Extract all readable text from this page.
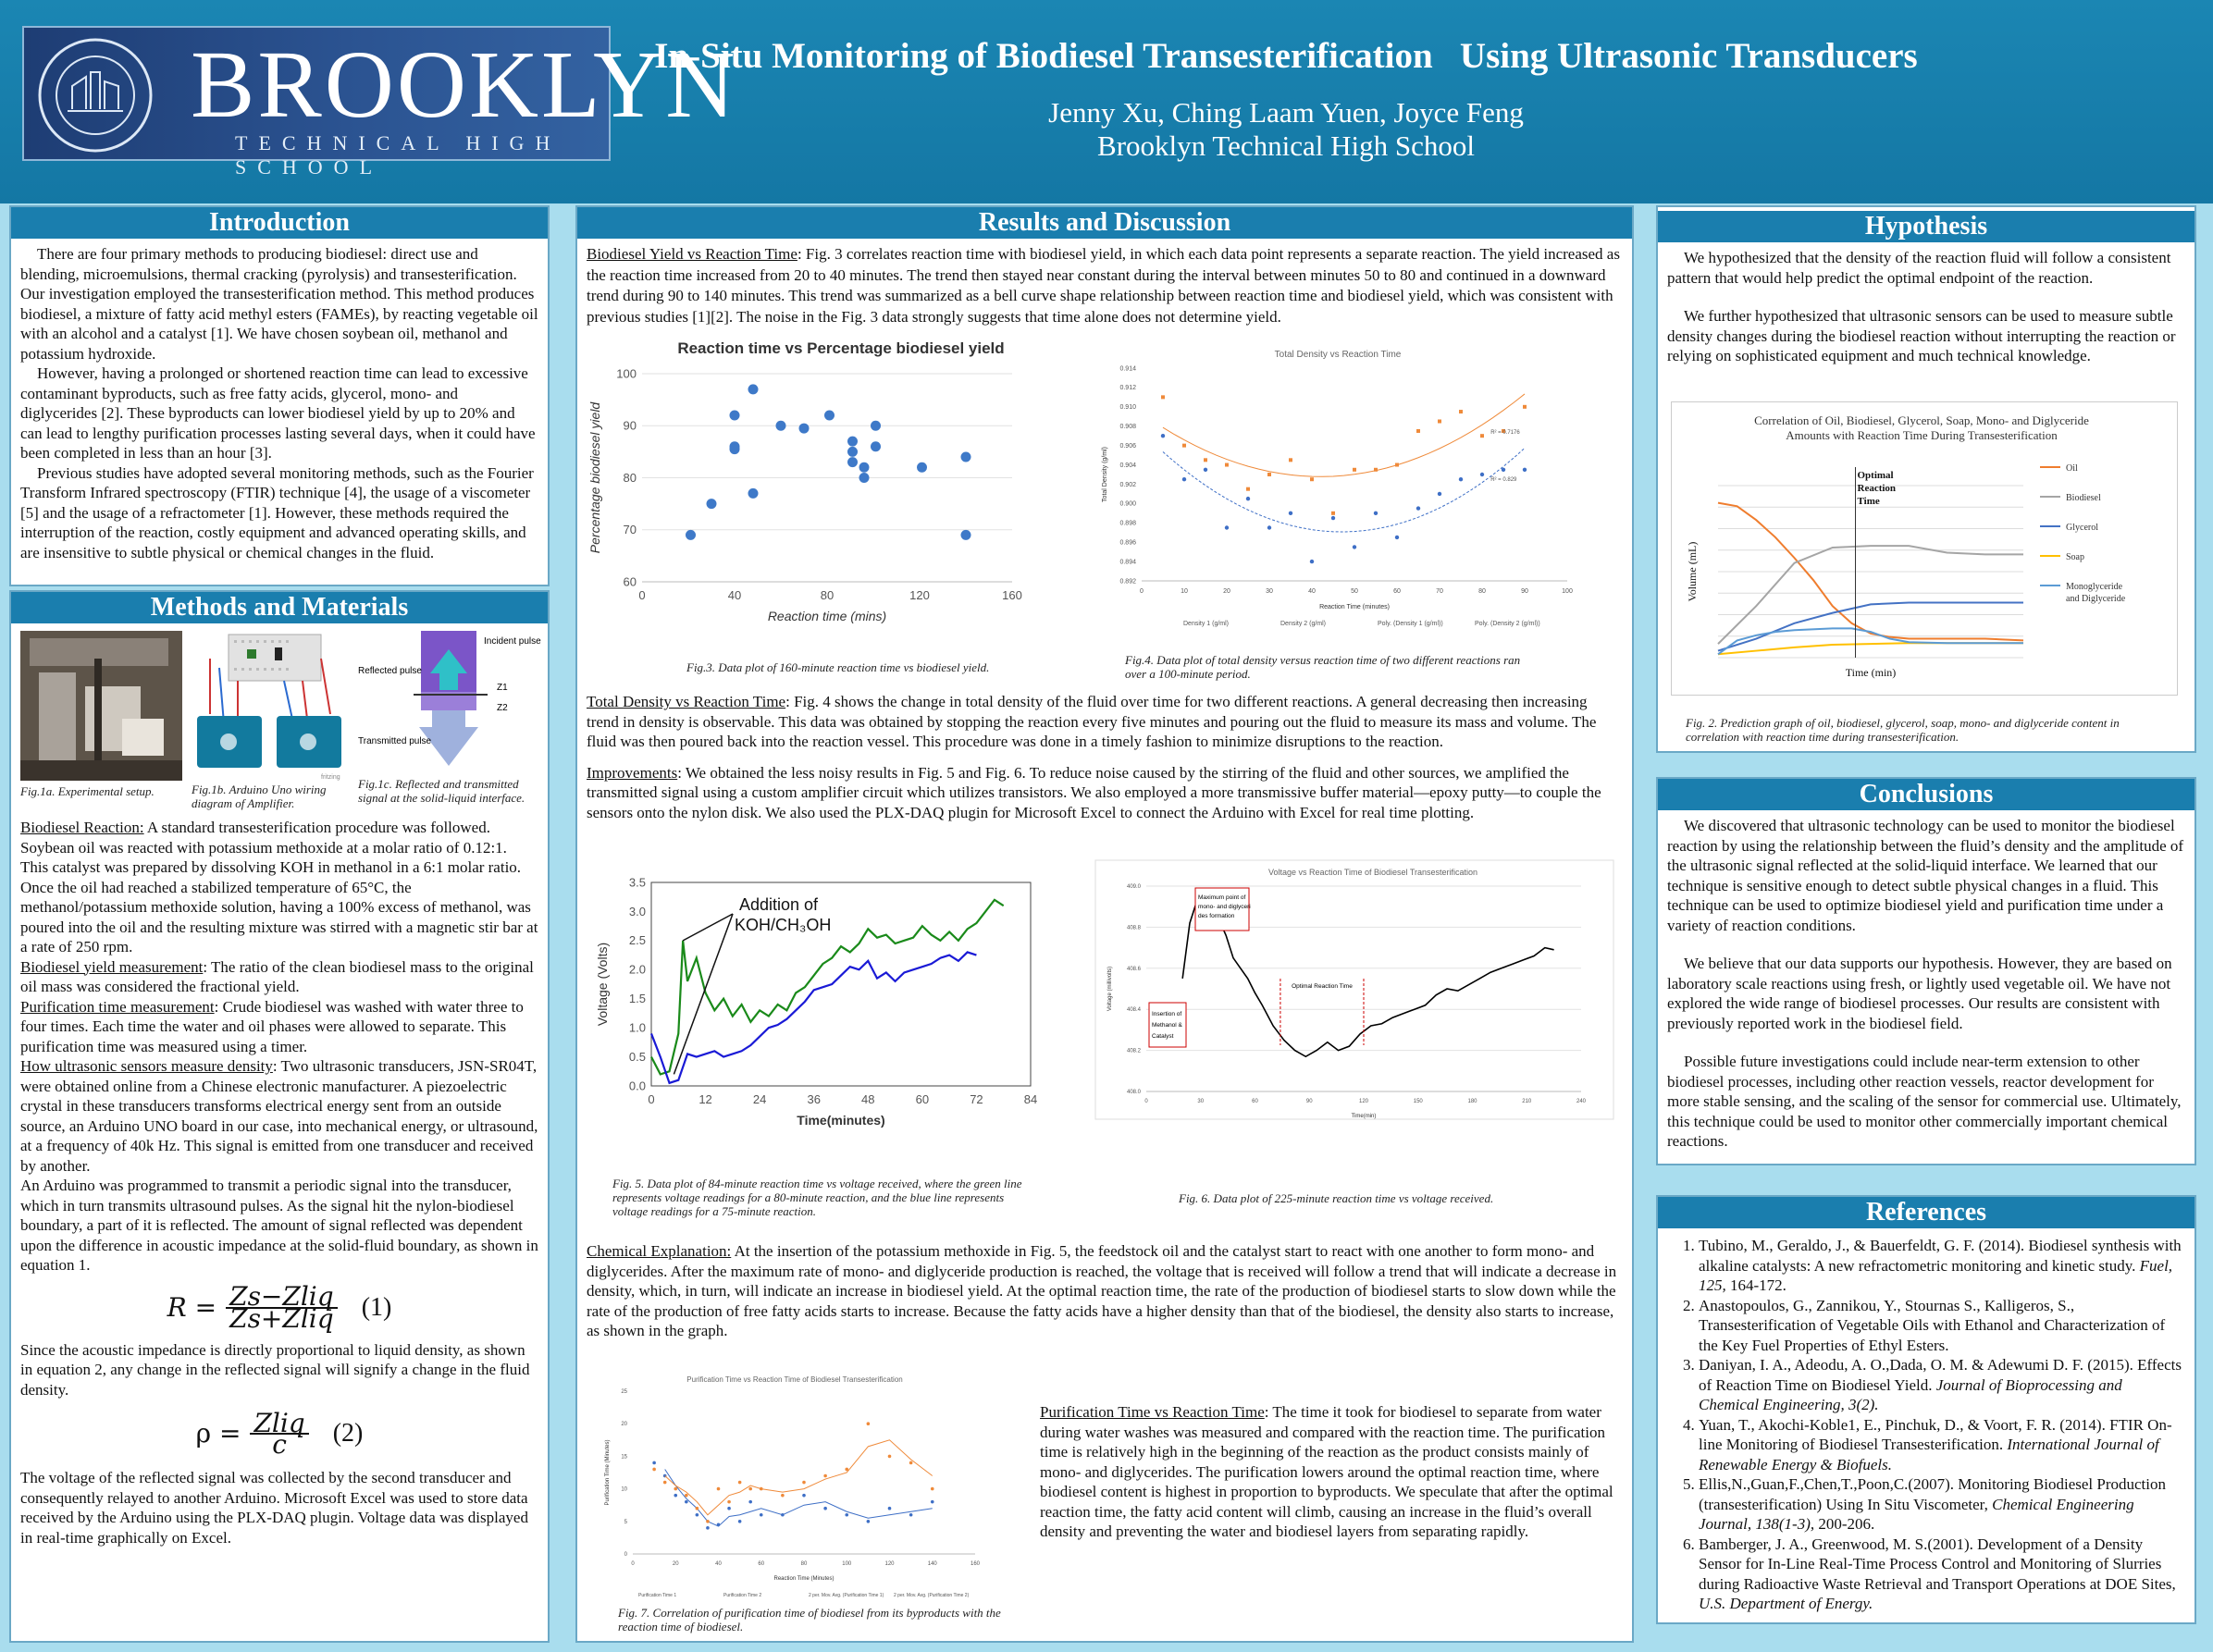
BROOKLYN
TECHNICAL HIGH SCHOOL
In-Situ Monitoring of Biodiesel Transesterification   Using Ultrasonic Transducers
Jenny Xu, Ching Laam Yuen, Joyce Feng
Brooklyn Technical High School
Introduction

There are four primary methods to producing biodiesel: direct use and blending, microemulsions, thermal cracking (pyrolysis) and transesterification. Our investigation employed the transesterification method. This method produces biodiesel, a mixture of fatty acid methyl esters (FAMEs), by reacting vegetable oil with an alcohol and a catalyst [1]. We have chosen soybean oil, methanol and potassium hydroxide.

However, having a prolonged or shortened reaction time can lead to excessive contaminant byproducts, such as free fatty acids, glycerol, mono- and diglycerides [2]. These byproducts can lower biodiesel yield by up to 20% and can lead to lengthy purification processes lasting several days, when it could have been completed in less than an hour [3].

Previous studies have adopted several monitoring methods, such as the Fourier Transform Infrared spectroscopy (FTIR) technique [4], the usage of a viscometer [5] and the usage of a refractometer [1]. However, these methods required the interruption of the reaction, costly equipment and advanced operating skills, and are insensitive to subtle physical or chemical changes in the fluid.

Methods and Materials
Fig.1a. Experimental setup.
fritzing
Fig.1b. Arduino Uno wiring diagram of Amplifier.
Incident pulse
Reflected pulse
Transmitted pulse
Z1
Z2
Fig.1c. Reflected and transmitted signal at the solid-liquid interface.

Biodiesel Reaction: A standard transesterification procedure was followed. Soybean oil was reacted with potassium methoxide at a molar ratio of 0.12:1. This catalyst was prepared by dissolving KOH in methanol in a 6:1 molar ratio. Once the oil had reached a stabilized temperature of 65°C, the methanol/potassium methoxide solution, having a 100% excess of methanol, was poured into the oil and the resulting mixture was stirred with a magnetic stir bar at a rate of 250 rpm.

Biodiesel yield measurement: The ratio of the clean biodiesel mass to the original oil mass was considered the fractional yield.

Purification time measurement: Crude biodiesel was washed with water three to four times. Each time the water and oil phases were allowed to separate. This purification time was measured using a timer.

How ultrasonic sensors measure density: Two ultrasonic transducers, JSN-SR04T, were obtained online from a Chinese electronic manufacturer. A piezoelectric crystal in these transducers transforms electrical energy sent from an outside source, an Arduino UNO board in our case, into mechanical energy, or ultrasound, at a frequency of 40k Hz. This signal is emitted from one transducer and received by another.

An Arduino was programmed to transmit a periodic signal into the transducer, which in turn transmits ultrasound pulses. As the signal hit the nylon-biodiesel boundary, a part of it is reflected. The amount of signal reflected was dependent upon the difference in acoustic impedance at the solid-fluid boundary, as shown in equation 1.

R = Zs−Zliq
Zs+Zliq (1)

Since the acoustic impedance is directly proportional to liquid density, as shown in equation 2, any change in the reflected signal will signify a change in the fluid density.

ρ = Zliq
c (2)

The voltage of the reflected signal was collected by the second transducer and consequently relayed to another Arduino. Microsoft Excel was used to store data received by the Arduino using the PLX-DAQ plugin. Voltage data was displayed in real-time graphically on Excel.

Results and Discussion

Biodiesel Yield vs Reaction Time: Fig. 3 correlates reaction time with biodiesel yield, in which each data point represents a separate reaction. The yield increased as the reaction time increased from 20 to 40 minutes. The trend then stayed near constant during the interval between minutes 50 to 80 and continued in a downward trend during 90 to 140 minutes. This trend was summarized as a bell curve shape relationship between reaction time and biodiesel yield, which was consistent with previous studies [1][2]. The noise in the Fig. 3 data strongly suggests that time alone does not determine yield.

Reaction time vs Percentage biodiesel yield
60
70
80
90
100
0	40	80	120	160
Reaction time (mins)
Percentage biodiesel yield
Total Density vs Reaction Time
0.892
0.894
0.896
0.898
0.900
0.902
0.904
0.906
0.908
0.910
0.912
0.914
0	10	20	30	40	50	60	70	80	90	100
Reaction Time (minutes)
Total Density (g/ml)
R² = 0.7176
R² = 0.829
Density 1 (g/ml)	Density 2 (g/ml)	Poly. (Density 1 (g/ml))	Poly. (Density 2 (g/ml))
Fig.3. Data plot of 160-minute reaction time vs biodiesel yield.
Fig.4. Data plot of total density versus reaction time of two different reactions ran over a 100-minute period.

Total Density vs Reaction Time: Fig. 4 shows the change in total density of the fluid over time for two different reactions. A general decreasing then increasing trend in density is observable. This data was obtained by stopping the reaction every five minutes and pouring out the fluid to measure its mass and volume. The fluid was then poured back into the reaction vessel. This procedure was done in a timely fashion to minimize disruptions to the reaction.

Improvements: We obtained the less noisy results in Fig. 5 and Fig. 6. To reduce noise caused by the stirring of the fluid and other sources, we amplified the transmitted signal using a custom amplifier circuit which utilizes transistors. We also employed a more transmissive buffer material—epoxy putty—to couple the sensors onto the nylon disk. We also used the PLX-DAQ plugin for Microsoft Excel to connect the Arduino with Excel for real time plotting.

0.0
0.5
1.0
1.5
2.0
2.5
3.0
3.5
0	12	24	36	48	60	72	84
Time(minutes)
Voltage (Volts)
Addition of
KOH/CH₃OH
Voltage vs Reaction Time of Biodiesel Transesterification
408.0
408.2
408.4
408.6
408.8
409.0
0	30	60	90	120	150	180	210	240
Time(min)
Voltage (millivolts)
Maximum point of
mono- and diglyceri
des formation
Optimal Reaction Time
Insertion of
Methanol &
Catalyst
Fig. 5. Data plot of 84-minute reaction time vs voltage received, where the green line represents voltage readings for a 80-minute reaction, and the blue line represents voltage readings for a 75-minute reaction.
Fig. 6. Data plot of 225-minute reaction time vs voltage received.

Chemical Explanation: At the insertion of the potassium methoxide in Fig. 5, the feedstock oil and the catalyst start to react with one another to form mono- and diglycerides. After the maximum rate of mono- and diglyceride production is reached, the voltage that is received will follow a trend that will indicate a decrease in density, which, in turn, will indicate an increase in biodiesel yield. At the optimal reaction time, the rate of the production of biodiesel starts to slow down while the rate of the production of free fatty acids starts to increase. Because the fatty acids have a higher density than that of the biodiesel, the density also starts to increase, as shown in the graph.

Purification Time vs Reaction Time of Biodiesel Transesterification
0
5
10
15
20
25
0	20	40	60	80	100	120	140	160
Reaction Time (Minutes)
Purification Time (Minutes)
Purification Time 1	Purification Time 2	2 per. Mov. Avg. (Purification Time 1) 2 per. Mov. Avg. (Purification Time 2)
Fig. 7. Correlation of purification time of biodiesel from its byproducts with the reaction time of biodiesel.

Purification Time vs Reaction Time: The time it took for biodiesel to separate from water during water washes was measured and compared with the reaction time. The purification time is relatively high in the beginning of the reaction as the product consists mainly of mono- and diglycerides. The purification lowers around the optimal reaction time, where biodiesel content is highest in proportion to byproducts. We speculate that after the optimal reaction time, the fatty acid content will climb, causing an increase in the fluid’s overall density and preventing the water and biodiesel layers from separating rapidly.

Hypothesis

We hypothesized that the density of the reaction fluid will follow a consistent pattern that would help predict the optimal endpoint of the reaction.

We further hypothesized that ultrasonic sensors can be used to measure subtle density changes during the biodiesel reaction without interrupting the reaction or relying on sophisticated equipment and much technical knowledge.

Correlation of Oil, Biodiesel, Glycerol, Soap, Mono- and Diglyceride
Amounts with Reaction Time During Transesterification
Optimal
Reaction
Time
Time (min)
Volume (mL)
Oil
Biodiesel
Glycerol
Soap
Monoglyceride
and Diglyceride
Fig. 2. Prediction graph of oil, biodiesel, glycerol, soap, mono- and diglyceride content in correlation with reaction time during transesterification.
Conclusions

We discovered that ultrasonic technology can be used to monitor the biodiesel reaction by using the relationship between the fluid’s density and the amplitude of the ultrasonic signal reflected at the solid-liquid interface. We learned that our technique is sensitive enough to detect subtle physical changes in a fluid. This technique can be used to optimize biodiesel yield and purification time under a variety of reaction conditions.

We believe that our data supports our hypothesis. However, they are based on laboratory scale reactions using fresh, or lightly used vegetable oil. We have not explored the wide range of biodiesel processes. Our results are consistent with previously reported work in the biodiesel field.

Possible future investigations could include near-term extension to other biodiesel processes, including other reaction vessels, reactor development for more stable sensing, and the scaling of the sensor for commercial use. Ultimately, this technique could be used to monitor other commercially important chemical reactions.

References
1. Tubino, M., Geraldo, J., & Bauerfeldt, G. F. (2014). Biodiesel synthesis with alkaline catalysts: A new refractometric monitoring and kinetic study. Fuel, 125, 164-172.
2. Anastopoulos, G., Zannikou, Y., Stournas S., Kalligeros, S., Transesterification of Vegetable Oils with Ethanol and Characterization of the Key Fuel Properties of Ethyl Esters.
3. Daniyan, I. A., Adeodu, A. O.,Dada, O. M. & Adewumi D. F. (2015). Effects of Reaction Time on Biodiesel Yield. Journal of Bioprocessing and Chemical Engineering, 3(2).
4. Yuan, T., Akochi-Koble1, E., Pinchuk, D., & Voort, F. R. (2014). FTIR On-line Monitoring of Biodiesel Transesterification. International Journal of Renewable Energy & Biofuels.
5. Ellis,N.,Guan,F.,Chen,T.,Poon,C.(2007). Monitoring Biodiesel Production (transesterification) Using In Situ Viscometer, Chemical Engineering Journal, 138(1-3), 200-206.
6. Bamberger, J. A., Greenwood, M. S.(2001). Development of a Density Sensor for In-Line Real-Time Process Control and Monitoring of Slurries during Radioactive Waste Retrieval and Transport Operations at DOE Sites, U.S. Department of Energy.
